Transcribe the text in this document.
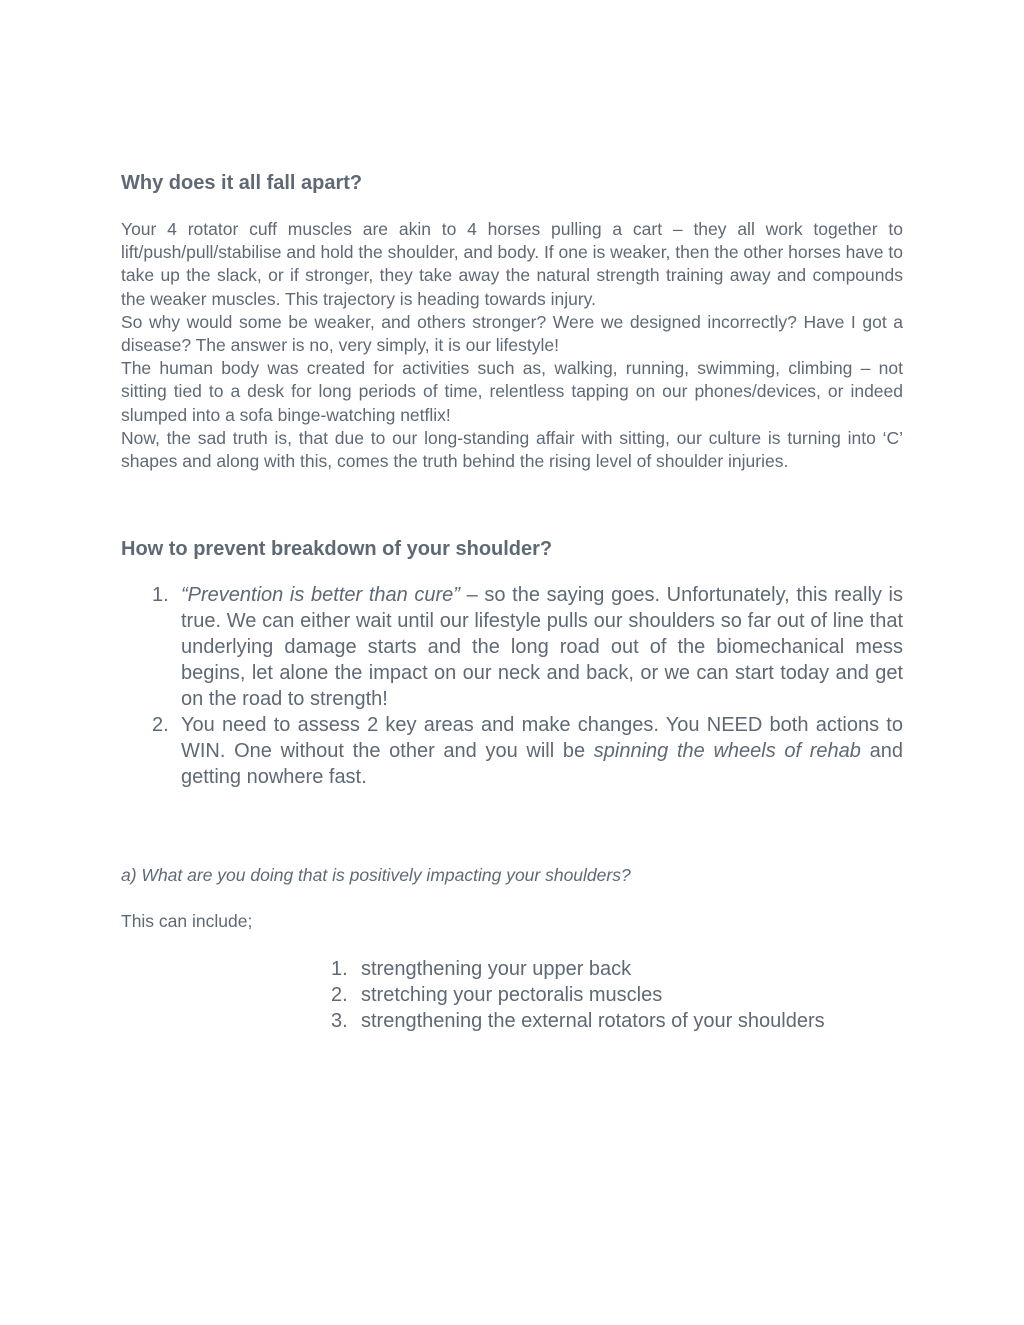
Why does it all fall apart?

Your 4 rotator cuff muscles are akin to 4 horses pulling a cart – they all work together to lift/push/pull/stabilise and hold the shoulder, and body. If one is weaker, then the other horses have to take up the slack, or if stronger, they take away the natural strength training away and compounds the weaker muscles. This trajectory is heading towards injury.

So why would some be weaker, and others stronger? Were we designed incorrectly? Have I got a disease? The answer is no, very simply, it is our lifestyle!

The human body was created for activities such as, walking, running, swimming, climbing – not sitting tied to a desk for long periods of time, relentless tapping on our phones/devices, or indeed slumped into a sofa binge-watching netflix!

Now, the sad truth is, that due to our long-standing affair with sitting, our culture is turning into ‘C’ shapes and along with this, comes the truth behind the rising level of shoulder injuries.

How to prevent breakdown of your shoulder?
1. “Prevention is better than cure” – so the saying goes. Unfortunately, this really is true. We can either wait until our lifestyle pulls our shoulders so far out of line that underlying damage starts and the long road out of the biomechanical mess begins, let alone the impact on our neck and back, or we can start today and get on the road to strength!
2. You need to assess 2 key areas and make changes. You NEED both actions to WIN. One without the other and you will be spinning the wheels of rehab and getting nowhere fast.
a) What are you doing that is positively impacting your shoulders?
This can include;
1. strengthening your upper back
2. stretching your pectoralis muscles
3. strengthening the external rotators of your shoulders
